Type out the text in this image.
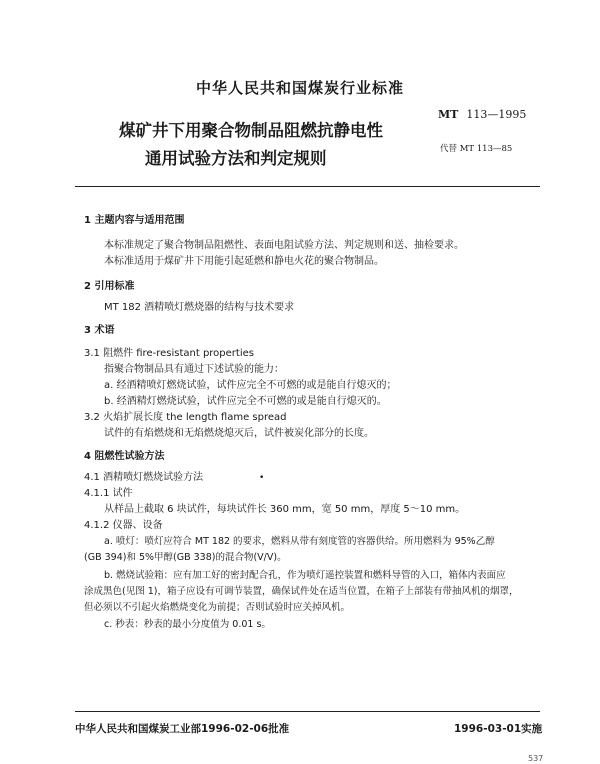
中华人民共和国煤炭行业标准
煤矿井下用聚合物制品阻燃抗静电性
通用试验方法和判定规则
MT 113—1995
代替 MT 113—85
1 主题内容与适用范围
本标准规定了聚合物制品阻燃性、表面电阻试验方法、判定规则和送、抽检要求。
本标准适用于煤矿井下用能引起延燃和静电火花的聚合物制品。
2 引用标准
MT 182 酒精喷灯燃烧器的结构与技术要求
3 术语
3.1 阻燃件 fire-resistant properties
指聚合物制品具有通过下述试验的能力：
a. 经酒精喷灯燃烧试验，试件应完全不可燃的或是能自行熄灭的；
b. 经酒精灯燃烧试验，试件应完全不可燃的或是能自行熄灭的。
3.2 火焰扩展长度 the length flame spread
试件的有焰燃烧和无焰燃烧熄灭后，试件被炭化部分的长度。
4 阻燃性试验方法
4.1 酒精喷灯燃烧试验方法	•
4.1.1 试件
从样品上截取 6 块试件，每块试件长 360 mm，宽 50 mm，厚度 5～10 mm。
4.1.2 仪器、设备
a. 喷灯：喷灯应符合 MT 182 的要求，燃料从带有刻度管的容器供给。所用燃料为 95%乙醇
(GB 394)和 5%甲醇(GB 338)的混合物(V/V)。
b. 燃烧试验箱：应有加工好的密封配合孔，作为喷灯遥控装置和燃料导管的入口，箱体内表面应
涂成黑色(见图 1)，箱子应设有可调节装置，确保试件处在适当位置，在箱子上部装有带抽风机的烟罩，
但必须以不引起火焰燃烧变化为前提；否则试验时应关掉风机。
c. 秒表：秒表的最小分度值为 0.01 s。
中华人民共和国煤炭工业部1996-02-06批准	1996-03-01实施
537
